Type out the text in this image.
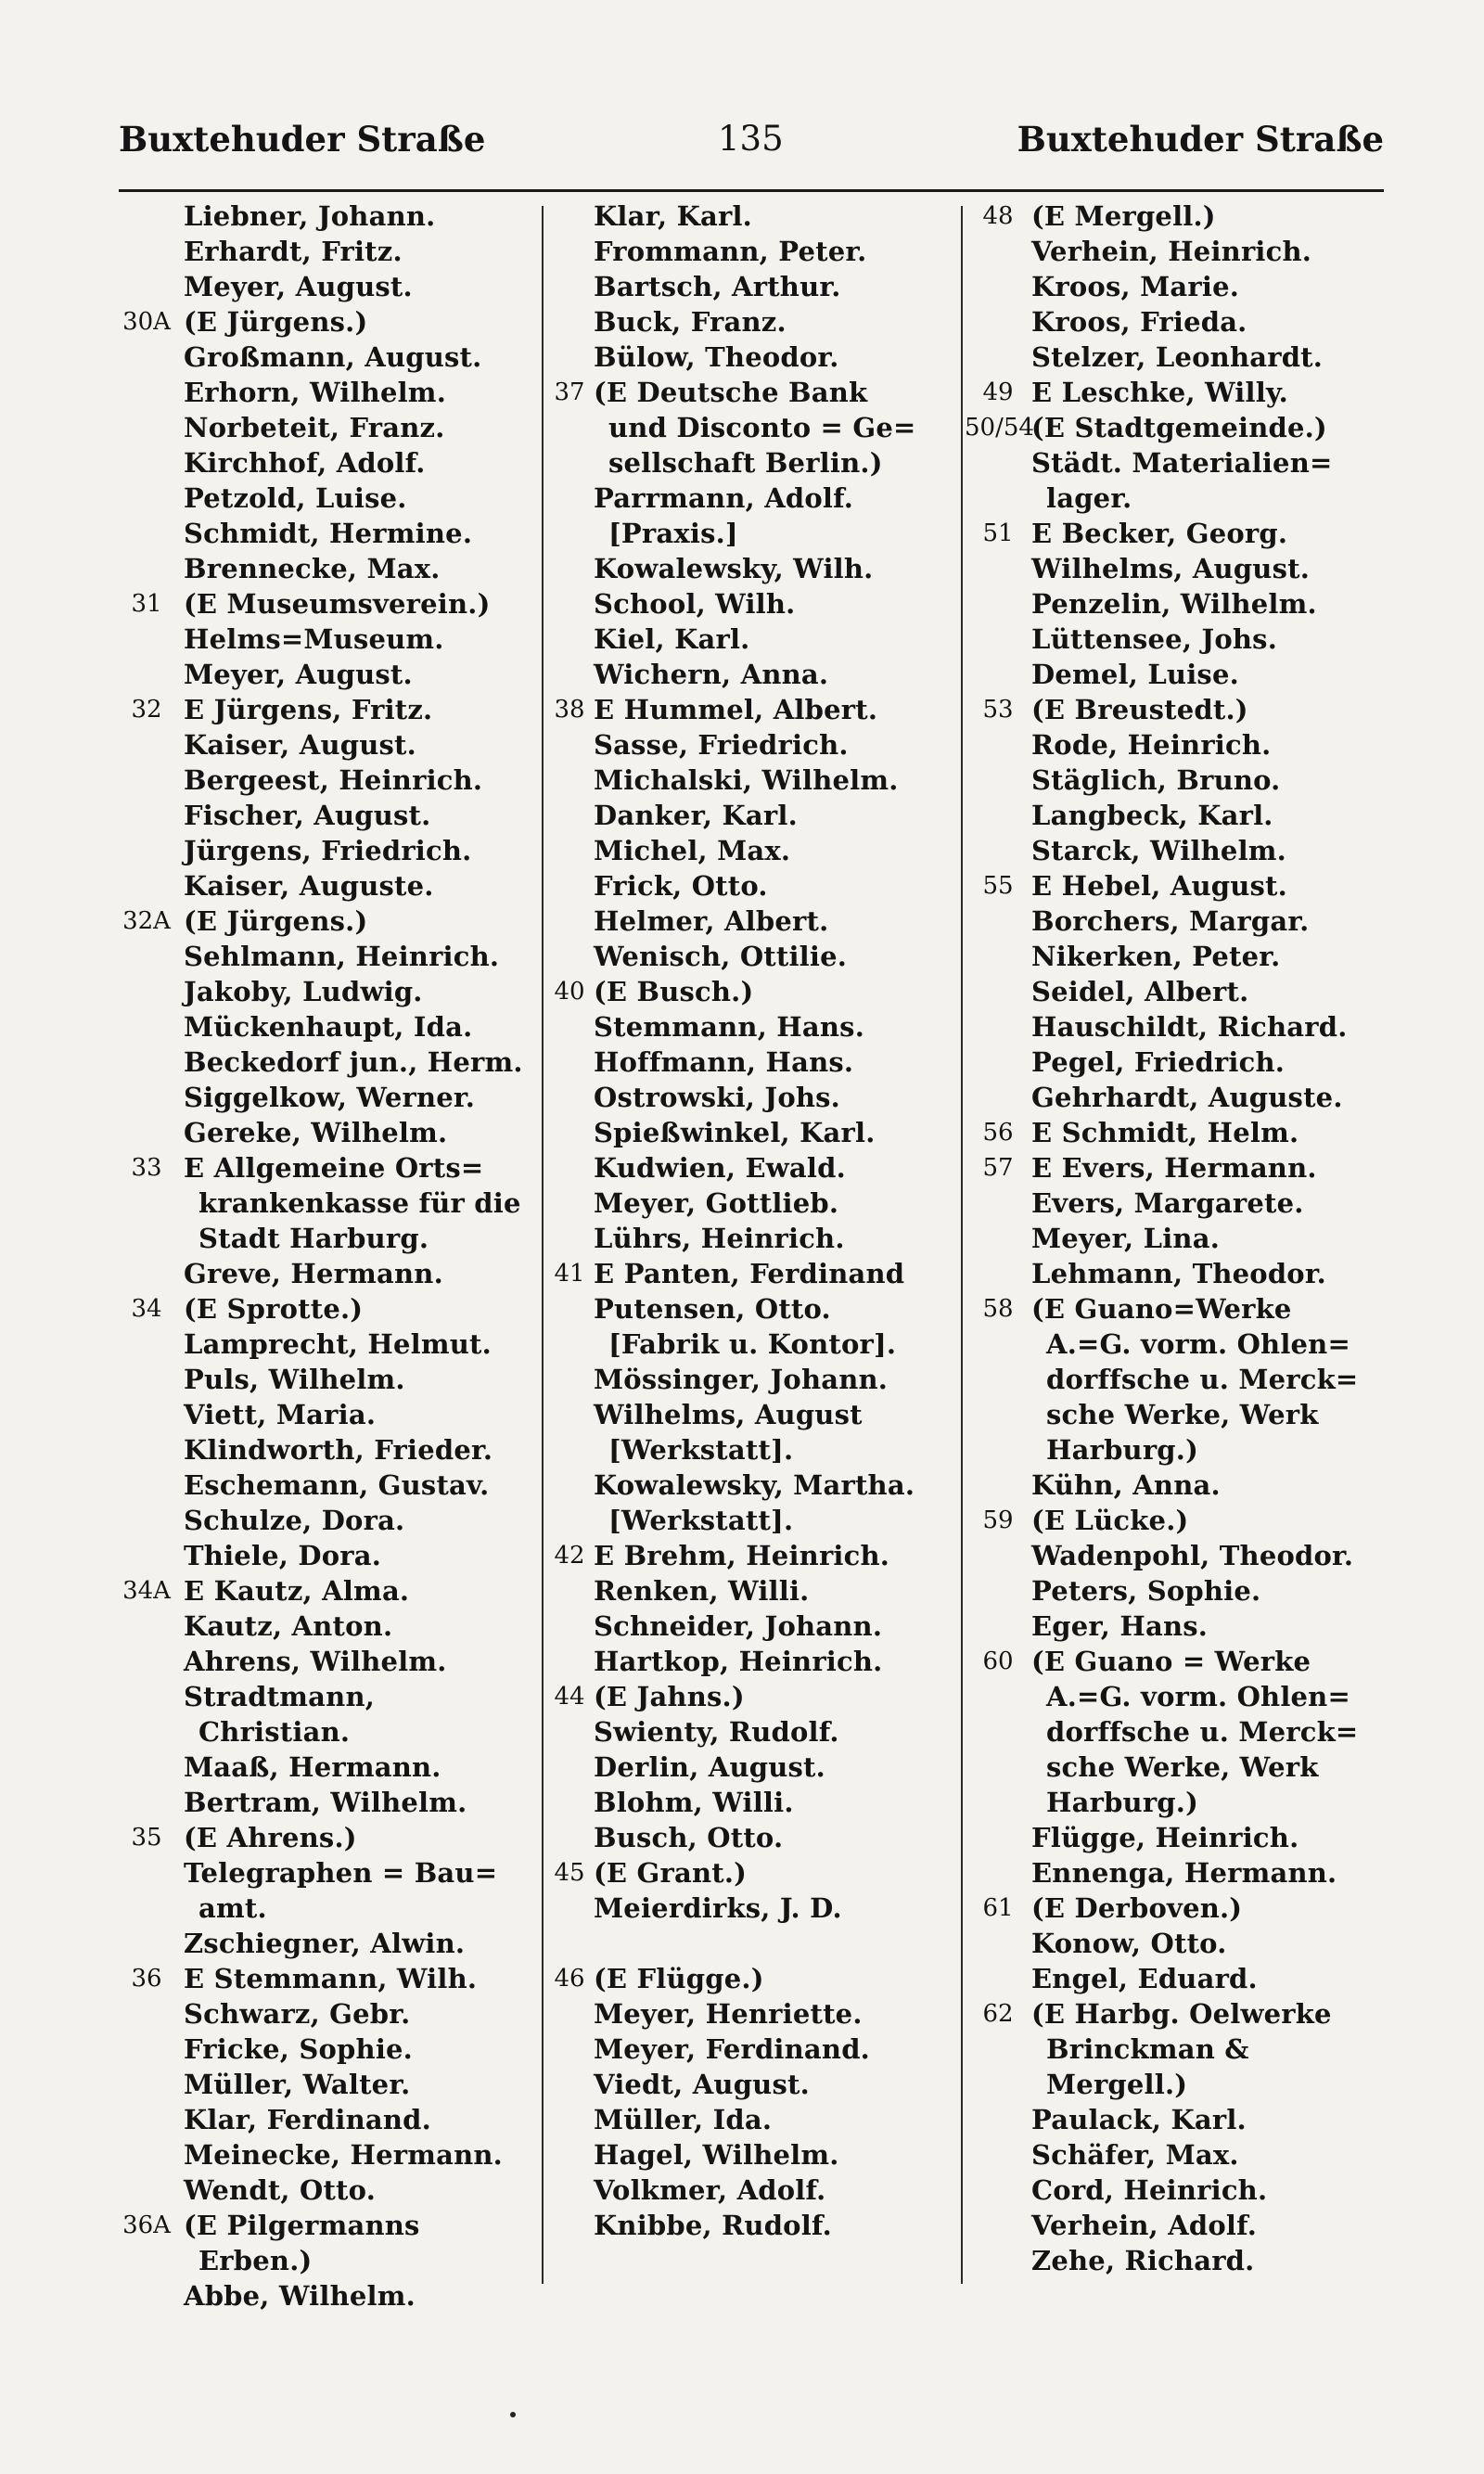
Buxtehuder Straße	135	Buxtehuder Straße
Liebner, Johann.
Erhardt, Fritz.
Meyer, August.
30A (E Jürgens.)
Großmann, August.
Erhorn, Wilhelm.
Norbeteit, Franz.
Kirchhof, Adolf.
Petzold, Luise.
Schmidt, Hermine.
Brennecke, Max.
31 (E Museumsverein.)
Helms=Museum.
Meyer, August.
32 E Jürgens, Fritz.
Kaiser, August.
Bergeest, Heinrich.
Fischer, August.
Jürgens, Friedrich.
Kaiser, Auguste.
32A (E Jürgens.)
Sehlmann, Heinrich.
Jakoby, Ludwig.
Mückenhaupt, Ida.
Beckedorf jun., Herm.
Siggelkow, Werner.
Gereke, Wilhelm.
33 E Allgemeine Orts=
krankenkasse für die
Stadt Harburg.
Greve, Hermann.
34 (E Sprotte.)
Lamprecht, Helmut.
Puls, Wilhelm.
Viett, Maria.
Klindworth, Frieder.
Eschemann, Gustav.
Schulze, Dora.
Thiele, Dora.
34A E Kautz, Alma.
Kautz, Anton.
Ahrens, Wilhelm.
Stradtmann,
Christian.
Maaß, Hermann.
Bertram, Wilhelm.
35 (E Ahrens.)
Telegraphen = Bau=
amt.
Zschiegner, Alwin.
36 E Stemmann, Wilh.
Schwarz, Gebr.
Fricke, Sophie.
Müller, Walter.
Klar, Ferdinand.
Meinecke, Hermann.
Wendt, Otto.
36A (E Pilgermanns
Erben.)
Abbe, Wilhelm.
Klar, Karl.
Frommann, Peter.
Bartsch, Arthur.
Buck, Franz.
Bülow, Theodor.
37 (E Deutsche Bank
und Disconto = Ge=
sellschaft Berlin.)
Parrmann, Adolf.
[Praxis.]
Kowalewsky, Wilh.
School, Wilh.
Kiel, Karl.
Wichern, Anna.
38 E Hummel, Albert.
Sasse, Friedrich.
Michalski, Wilhelm.
Danker, Karl.
Michel, Max.
Frick, Otto.
Helmer, Albert.
Wenisch, Ottilie.
40 (E Busch.)
Stemmann, Hans.
Hoffmann, Hans.
Ostrowski, Johs.
Spießwinkel, Karl.
Kudwien, Ewald.
Meyer, Gottlieb.
Lührs, Heinrich.
41 E Panten, Ferdinand
Putensen, Otto.
[Fabrik u. Kontor].
Mössinger, Johann.
Wilhelms, August
[Werkstatt].
Kowalewsky, Martha.
[Werkstatt].
42 E Brehm, Heinrich.
Renken, Willi.
Schneider, Johann.
Hartkop, Heinrich.
44 (E Jahns.)
Swienty, Rudolf.
Derlin, August.
Blohm, Willi.
Busch, Otto.
45 (E Grant.)
Meierdirks, J. D.

46 (E Flügge.)
Meyer, Henriette.
Meyer, Ferdinand.
Viedt, August.
Müller, Ida.
Hagel, Wilhelm.
Volkmer, Adolf.
Knibbe, Rudolf.
48 (E Mergell.)
Verhein, Heinrich.
Kroos, Marie.
Kroos, Frieda.
Stelzer, Leonhardt.
49 E Leschke, Willy.
50/54
(E Stadtgemeinde.)
Städt. Materialien=
lager.
51 E Becker, Georg.
Wilhelms, August.
Penzelin, Wilhelm.
Lüttensee, Johs.
Demel, Luise.
53 (E Breustedt.)
Rode, Heinrich.
Stäglich, Bruno.
Langbeck, Karl.
Starck, Wilhelm.
55 E Hebel, August.
Borchers, Margar.
Nikerken, Peter.
Seidel, Albert.
Hauschildt, Richard.
Pegel, Friedrich.
Gehrhardt, Auguste.
56 E Schmidt, Helm.
57 E Evers, Hermann.
Evers, Margarete.
Meyer, Lina.
Lehmann, Theodor.
58 (E Guano=Werke
A.=G. vorm. Ohlen=
dorffsche u. Merck=
sche Werke, Werk
Harburg.)
Kühn, Anna.
59 (E Lücke.)
Wadenpohl, Theodor.
Peters, Sophie.
Eger, Hans.
60 (E Guano = Werke
A.=G. vorm. Ohlen=
dorffsche u. Merck=
sche Werke, Werk
Harburg.)
Flügge, Heinrich.
Ennenga, Hermann.
61 (E Derboven.)
Konow, Otto.
Engel, Eduard.
62 (E Harbg. Oelwerke
Brinckman &
Mergell.)
Paulack, Karl.
Schäfer, Max.
Cord, Heinrich.
Verhein, Adolf.
Zehe, Richard.
